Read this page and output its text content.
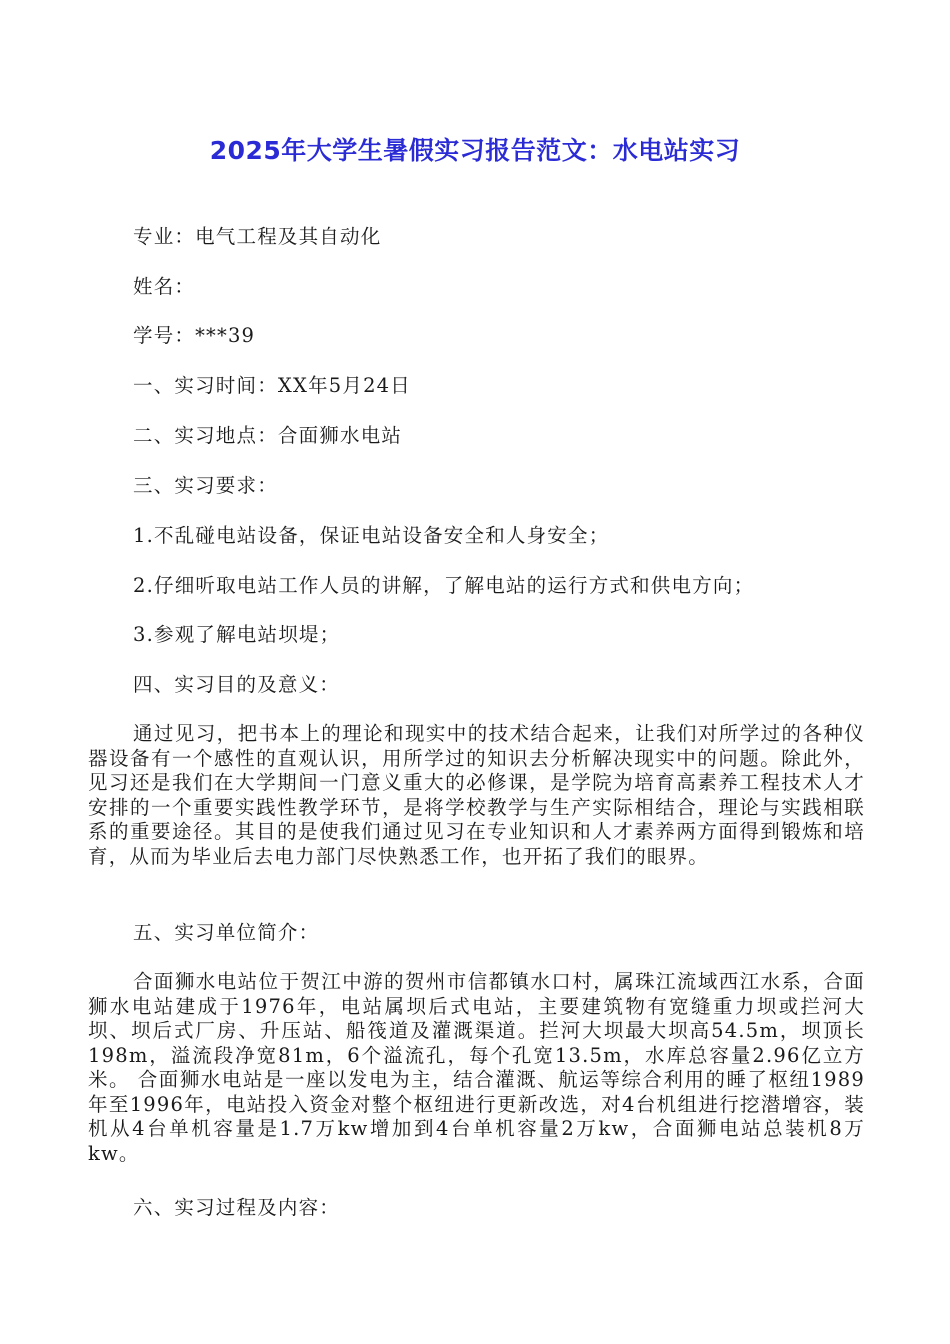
2025年大学生暑假实习报告范文：水电站实习

专业：电气工程及其自动化

姓名：

学号：***39

一、实习时间：XX年5月24日

二、实习地点：合面狮水电站

三、实习要求：

1.不乱碰电站设备，保证电站设备安全和人身安全；

2.仔细听取电站工作人员的讲解，了解电站的运行方式和供电方向；

3.参观了解电站坝堤；

四、实习目的及意义：

通过见习，把书本上的理论和现实中的技术结合起来，让我们对所学过的各种仪器设备有一个感性的直观认识，用所学过的知识去分析解决现实中的问题。除此外，见习还是我们在大学期间一门意义重大的必修课，是学院为培育高素养工程技术人才安排的一个重要实践性教学环节，是将学校教学与生产实际相结合，理论与实践相联系的重要途径。其目的是使我们通过见习在专业知识和人才素养两方面得到锻炼和培育，从而为毕业后去电力部门尽快熟悉工作，也开拓了我们的眼界。

五、实习单位简介：

合面狮水电站位于贺江中游的贺州市信都镇水口村，属珠江流域西江水系，合面狮水电站建成于1976年，电站属坝后式电站，主要建筑物有宽缝重力坝或拦河大坝、坝后式厂房、升压站、船筏道及灌溉渠道。拦河大坝最大坝高54.5m，坝顶长198m，溢流段净宽81m，6个溢流孔，每个孔宽13.5m，水库总容量2.96亿立方米。 合面狮水电站是一座以发电为主，结合灌溉、航运等综合利用的睡了枢纽1989年至1996年，电站投入资金对整个枢纽进行更新改选，对4台机组进行挖潜增容，装机从4台单机容量是1.7万kw增加到4台单机容量2万kw，合面狮电站总装机8万kw。

六、实习过程及内容：
